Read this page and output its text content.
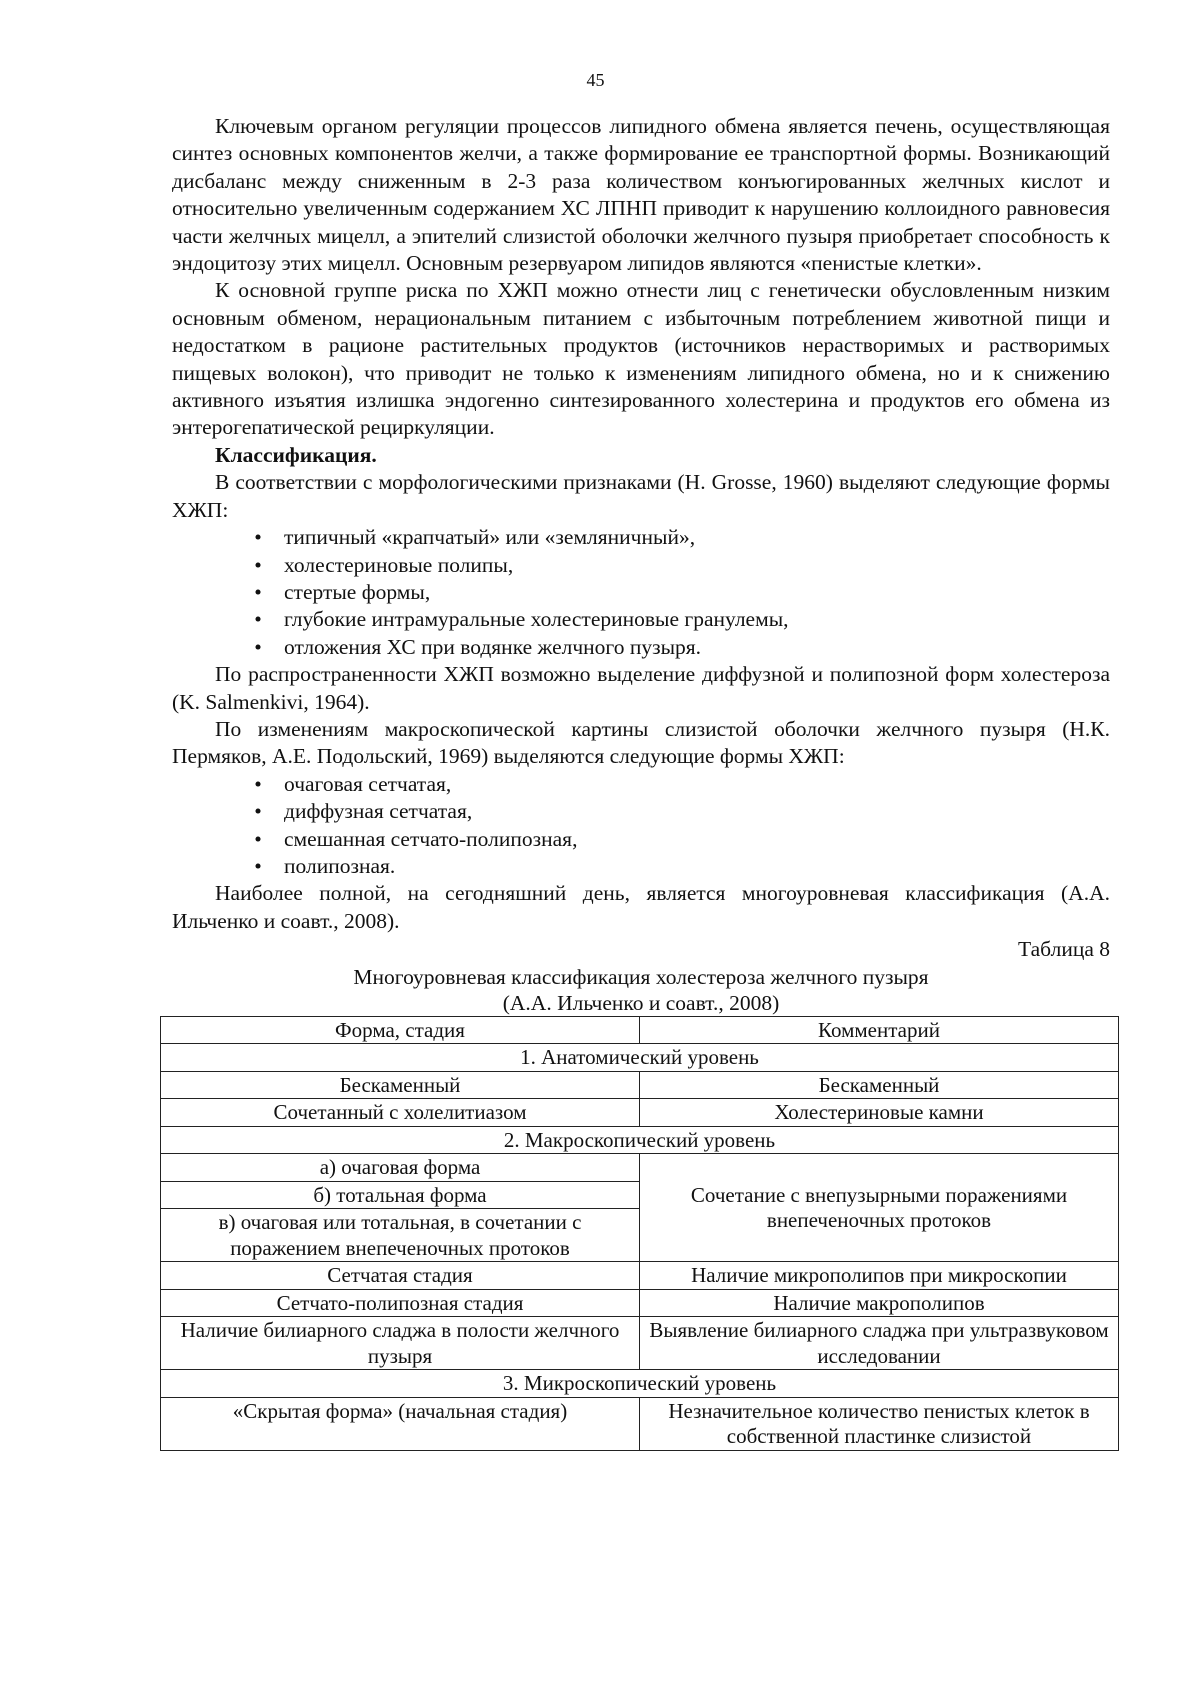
45

Ключевым органом регуляции процессов липидного обмена является печень, осуществляющая синтез основных компонентов желчи, а также формирование ее транспортной формы. Возникающий дисбаланс между сниженным в 2-3 раза количеством конъюгированных желчных кислот и относительно увеличенным содержанием ХС ЛПНП приводит к нарушению коллоидного равновесия части желчных мицелл, а эпителий слизистой оболочки желчного пузыря приобретает способность к эндоцитозу этих мицелл. Основным резервуаром липидов являются «пенистые клетки».

К основной группе риска по ХЖП можно отнести лиц с генетически обусловленным низким основным обменом, нерациональным питанием с избыточным потреблением животной пищи и недостатком в рационе растительных продуктов (источников нерастворимых и растворимых пищевых волокон), что приводит не только к изменениям липидного обмена, но и к снижению активного изъятия излишка эндогенно синтезированного холестерина и продуктов его обмена из энтерогепатической рециркуляции.

Классификация.

В соответствии с морфологическими признаками (H. Grosse, 1960) выделяют следующие формы ХЖП:

• типичный «крапчатый» или «земляничный»,
• холестериновые полипы,
• стертые формы,
• глубокие интрамуральные холестериновые гранулемы,
• отложения ХС при водянке желчного пузыря.

По распространенности ХЖП возможно выделение диффузной и полипозной форм холестероза (K. Salmenkivi, 1964).

По изменениям макроскопической картины слизистой оболочки желчного пузыря (Н.К. Пермяков, А.Е. Подольский, 1969) выделяются следующие формы ХЖП:

• очаговая сетчатая,
• диффузная сетчатая,
• смешанная сетчато-полипозная,
• полипозная.

Наиболее полной, на сегодняшний день, является многоуровневая классификация (А.А. Ильченко и соавт., 2008).

Таблица 8
Многоуровневая классификация холестероза желчного пузыря
(А.А. Ильченко и соавт., 2008)
Форма, стадия	Комментарий
1. Анатомический уровень	
Бескаменный	Бескаменный
Сочетанный с холелитиазом	Холестериновые камни
2. Макроскопический уровень	
а) очаговая форма	Сочетание с внепузырными поражениями внепеченочных протоков
б) тотальная форма	
в) очаговая или тотальная, в сочетании с поражением внепеченочных протоков	
Сетчатая стадия	Наличие микрополипов при микроскопии
Сетчато-полипозная стадия	Наличие макрополипов
Наличие билиарного сладжа в полости желчного пузыря	Выявление билиарного сладжа при ультразвуковом исследовании
3. Микроскопический уровень	
«Скрытая форма» (начальная стадия)	Незначительное количество пенистых клеток в собственной пластинке слизистой
